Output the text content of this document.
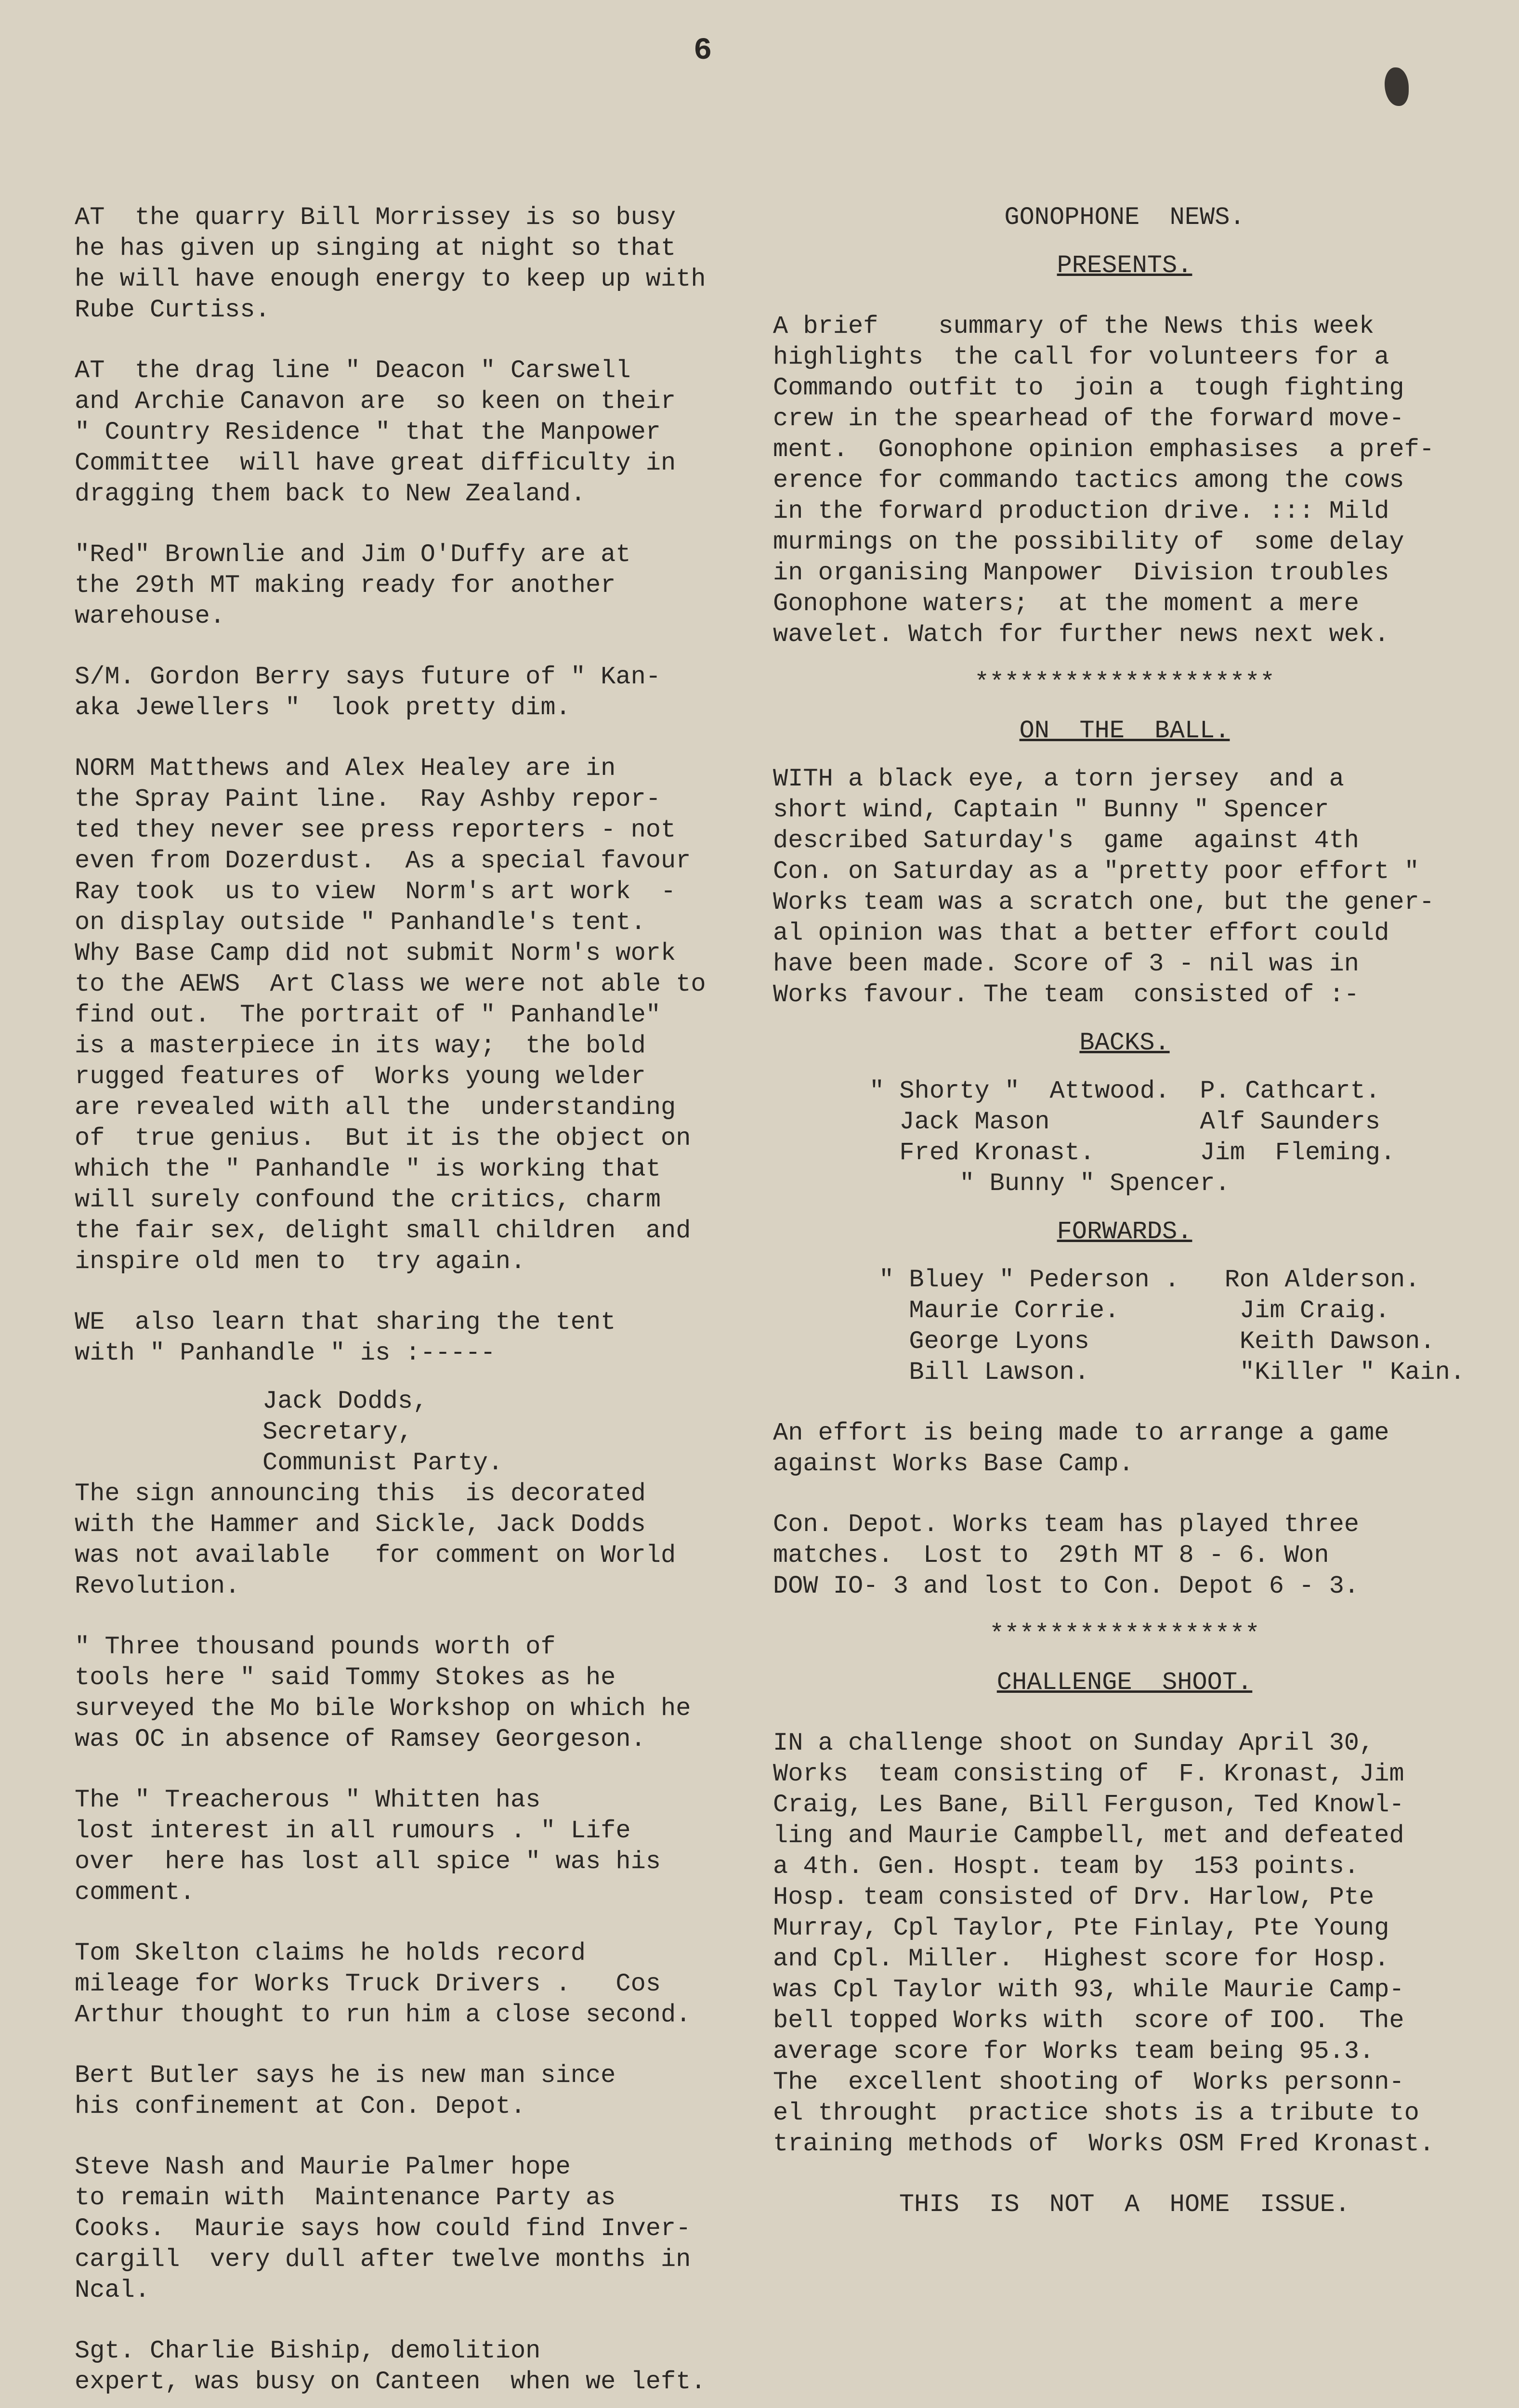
6

AT  the quarry Bill Morrissey is so busy

he has given up singing at night so that

he will have enough energy to keep up with

Rube Curtiss.

AT  the drag line " Deacon " Carswell

and Archie Canavon are  so keen on their

" Country Residence " that the Manpower

Committee  will have great difficulty in

dragging them back to New Zealand.

"Red" Brownlie and Jim O'Duffy are at

the 29th MT making ready for another

warehouse.

S/M. Gordon Berry says future of " Kan-

aka Jewellers "  look pretty dim.

NORM Matthews and Alex Healey are in

the Spray Paint line.  Ray Ashby repor-

ted they never see press reporters - not

even from Dozerdust.  As a special favour

Ray took  us to view  Norm's art work  -

on display outside " Panhandle's tent.

Why Base Camp did not submit Norm's work

to the AEWS  Art Class we were not able to

find out.  The portrait of " Panhandle"

is a masterpiece in its way;  the bold

rugged features of  Works young welder

are revealed with all the  understanding

of  true genius.  But it is the object on

which the " Panhandle " is working that

will surely confound the critics, charm

the fair sex, delight small children  and

inspire old men to  try again.

WE  also learn that sharing the tent

with " Panhandle " is :-----

Jack Dodds,

Secretary,

Communist Party.

The sign announcing this  is decorated

with the Hammer and Sickle, Jack Dodds

was not available   for comment on World

Revolution.

" Three thousand pounds worth of

tools here " said Tommy Stokes as he

surveyed the Mo bile Workshop on which he

was OC in absence of Ramsey Georgeson.

The " Treacherous " Whitten has

lost interest in all rumours . " Life

over  here has lost all spice " was his

comment.

Tom Skelton claims he holds record

mileage for Works Truck Drivers .   Cos

Arthur thought to run him a close second.

Bert Butler says he is new man since

his confinement at Con. Depot.

Steve Nash and Maurie Palmer hope

to remain with  Maintenance Party as

Cooks.  Maurie says how could find Inver-

cargill  very dull after twelve months in

Ncal.

Sgt. Charlie Biship, demolition

expert, was busy on Canteen  when we left.

GONOPHONE  NEWS.

PRESENTS.

A brief    summary of the News this week

highlights  the call for volunteers for a

Commando outfit to  join a  tough fighting

crew in the spearhead of the forward move-

ment.  Gonophone opinion emphasises  a pref-

erence for commando tactics among the cows

in the forward production drive. ::: Mild

murmings on the possibility of  some delay

in organising Manpower  Division troubles

Gonophone waters;  at the moment a mere

wavelet. Watch for further news next wek.

********************

ON  THE  BALL.

WITH a black eye, a torn jersey  and a

short wind, Captain " Bunny " Spencer

described Saturday's  game  against 4th

Con. on Saturday as a "pretty poor effort "

Works team was a scratch one, but the gener-

al opinion was that a better effort could

have been made. Score of 3 - nil was in

Works favour. The team  consisted of :-

BACKS.

" Shorty "  Attwood.  P. Cathcart.

Jack Mason          Alf Saunders

Fred Kronast.       Jim  Fleming.

" Bunny " Spencer.

FORWARDS.

" Bluey " Pederson .   Ron Alderson.

Maurie Corrie.        Jim Craig.

George Lyons          Keith Dawson.

Bill Lawson.          "Killer " Kain.

An effort is being made to arrange a game

against Works Base Camp.

Con. Depot. Works team has played three

matches.  Lost to  29th MT 8 - 6. Won

DOW IO- 3 and lost to Con. Depot 6 - 3.

******************

CHALLENGE  SHOOT.

IN a challenge shoot on Sunday April 30,

Works  team consisting of  F. Kronast, Jim

Craig, Les Bane, Bill Ferguson, Ted Knowl-

ling and Maurie Campbell, met and defeated

a 4th. Gen. Hospt. team by  153 points.

Hosp. team consisted of Drv. Harlow, Pte

Murray, Cpl Taylor, Pte Finlay, Pte Young

and Cpl. Miller.  Highest score for Hosp.

was Cpl Taylor with 93, while Maurie Camp-

bell topped Works with  score of IOO.  The

average score for Works team being 95.3.

The  excellent shooting of  Works personn-

el throught  practice shots is a tribute to

training methods of  Works OSM Fred Kronast.

THIS  IS  NOT  A  HOME  ISSUE.
